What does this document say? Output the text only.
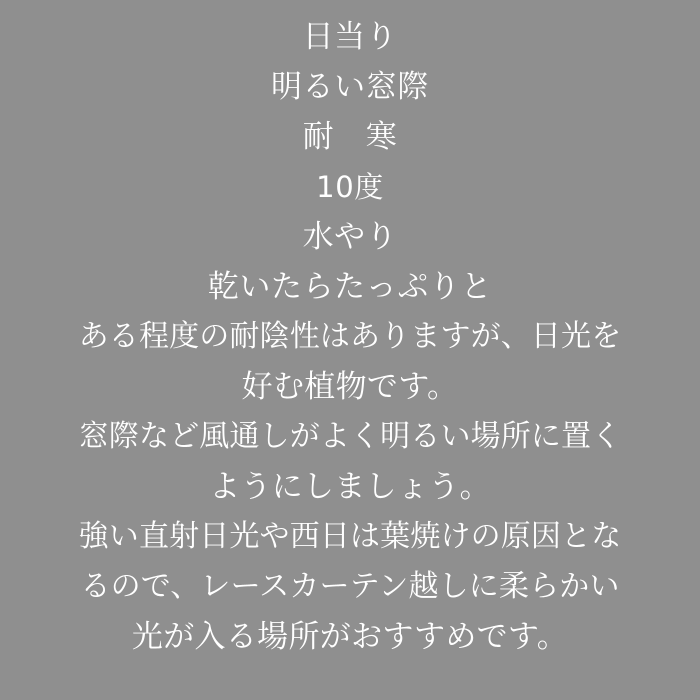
日当り
明るい窓際
耐　寒
10度
水やり
乾いたらたっぷりと
ある程度の耐陰性はありますが、日光を
好む植物です。
窓際など風通しがよく明るい場所に置く
ようにしましょう。
強い直射日光や西日は葉焼けの原因とな
るので、レースカーテン越しに柔らかい
光が入る場所がおすすめです。
